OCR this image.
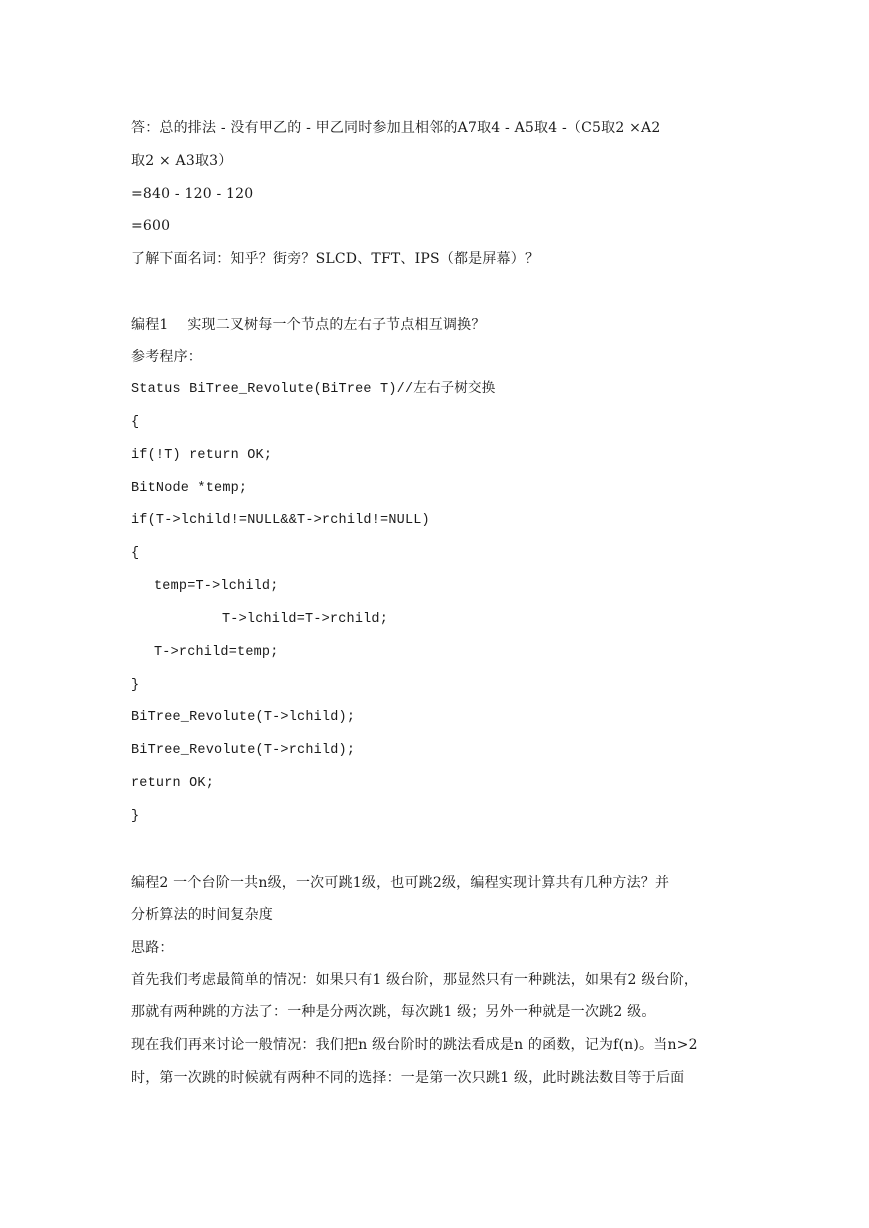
答：总的排法 - 没有甲乙的 - 甲乙同时参加且相邻的A7取4 - A5取4 -（C5取2 ×A2
取2 × A3取3）
=840 - 120 - 120
=600
了解下面名词：知乎？街旁？SLCD、TFT、IPS（都是屏幕）？
编程1　 实现二叉树每一个节点的左右子节点相互调换？
参考程序：
Status BiTree_Revolute(BiTree T)//左右子树交换
{
if(!T) return OK;
BitNode *temp;
if(T->lchild!=NULL&&T->rchild!=NULL)
{
temp=T->lchild;
T->lchild=T->rchild;
T->rchild=temp;
}
BiTree_Revolute(T->lchild);
BiTree_Revolute(T->rchild);
return OK;
}
编程2 一个台阶一共n级，一次可跳1级，也可跳2级，编程实现计算共有几种方法？并
分析算法的时间复杂度
思路：
首先我们考虑最简单的情况：如果只有1 级台阶，那显然只有一种跳法，如果有2 级台阶，
那就有两种跳的方法了：一种是分两次跳，每次跳1 级；另外一种就是一次跳2 级。
现在我们再来讨论一般情况：我们把n 级台阶时的跳法看成是n 的函数，记为f(n)。当n>2
时，第一次跳的时候就有两种不同的选择：一是第一次只跳1 级，此时跳法数目等于后面
